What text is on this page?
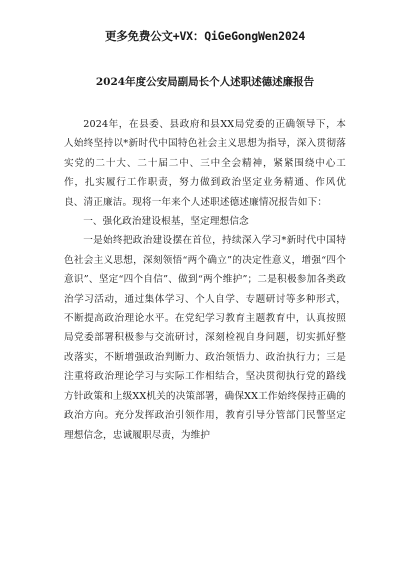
更多免费公文+VX：QiGeGongWen2024
2024年度公安局副局长个人述职述德述廉报告

2024年，在县委、县政府和县XX局党委的正确领导下，本人始终坚持以*新时代中国特色社会主义思想为指导，深入贯彻落实党的二十大、二十届二中、三中全会精神，紧紧围绕中心工作，扎实履行工作职责，努力做到政治坚定业务精通、作风优良、清正廉洁。现将一年来个人述职述德述廉情况报告如下：

一、强化政治建设根基，坚定理想信念

一是始终把政治建设摆在首位，持续深入学习*新时代中国特色社会主义思想，深刻领悟“两个确立”的决定性意义，增强“四个意识”、坚定“四个自信”、做到“两个维护”；二是积极参加各类政治学习活动，通过集体学习、个人自学、专题研讨等多种形式，不断提高政治理论水平。在党纪学习教育主题教育中，认真按照局党委部署积极参与交流研讨，深刻检视自身问题，切实抓好整改落实，不断增强政治判断力、政治领悟力、政治执行力；三是注重将政治理论学习与实际工作相结合，坚决贯彻执行党的路线方针政策和上级XX机关的决策部署，确保XX工作始终保持正确的政治方向。充分发挥政治引领作用，教育引导分管部门民警坚定理想信念，忠诚履职尽责，为维护
